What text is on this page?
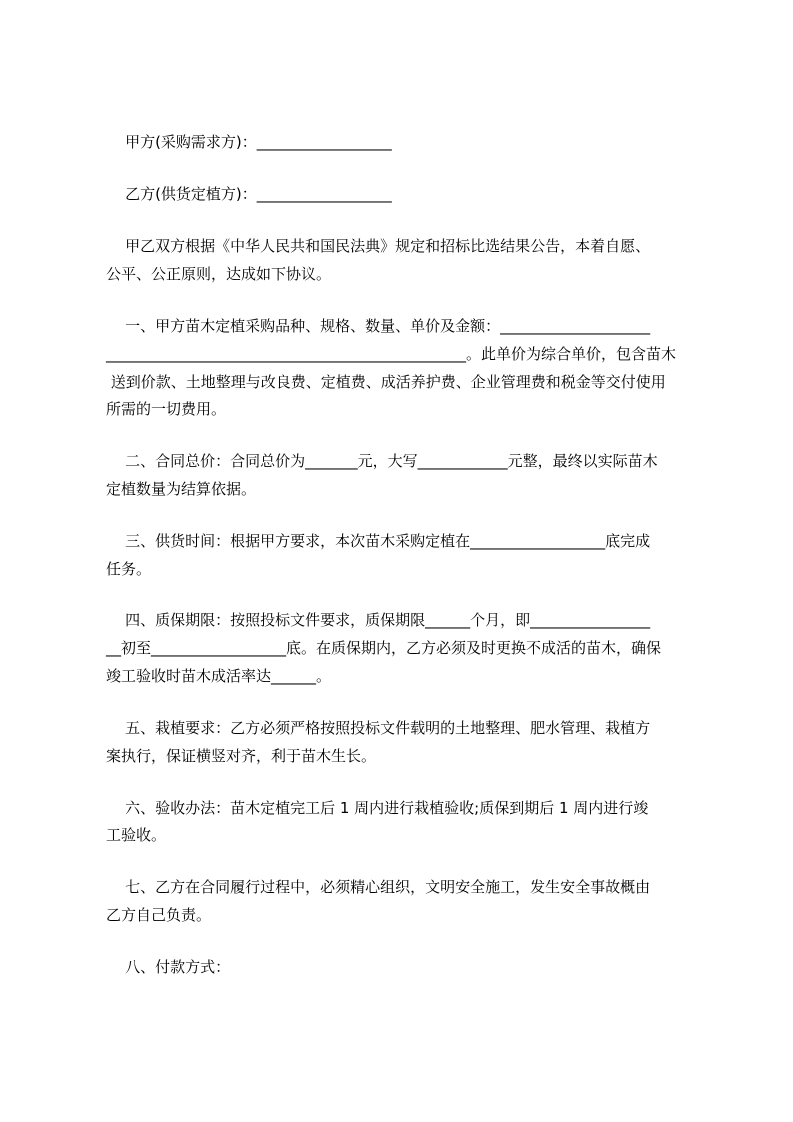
甲方(采购需求方)：__________________
乙方(供货定植方)：__________________
甲乙双方根据《中华人民共和国民法典》规定和招标比选结果公告，本着自愿、
公平、公正原则，达成如下协议。
一、甲方苗木定植采购品种、规格、数量、单价及金额：____________________
________________________________________________。此单价为综合单价，包含苗木
送到价款、土地整理与改良费、定植费、成活养护费、企业管理费和税金等交付使用
所需的一切费用。
二、合同总价：合同总价为_______元，大写____________元整，最终以实际苗木
定植数量为结算依据。
三、供货时间：根据甲方要求，本次苗木采购定植在__________________底完成
任务。
四、质保期限：按照投标文件要求，质保期限______个月，即________________
__初至__________________底。在质保期内，乙方必须及时更换不成活的苗木，确保
竣工验收时苗木成活率达______。
五、栽植要求：乙方必须严格按照投标文件载明的土地整理、肥水管理、栽植方
案执行，保证横竖对齐，利于苗木生长。
六、验收办法：苗木定植完工后 1 周内进行栽植验收;质保到期后 1 周内进行竣
工验收。
七、乙方在合同履行过程中，必须精心组织，文明安全施工，发生安全事故概由
乙方自己负责。
八、付款方式：
